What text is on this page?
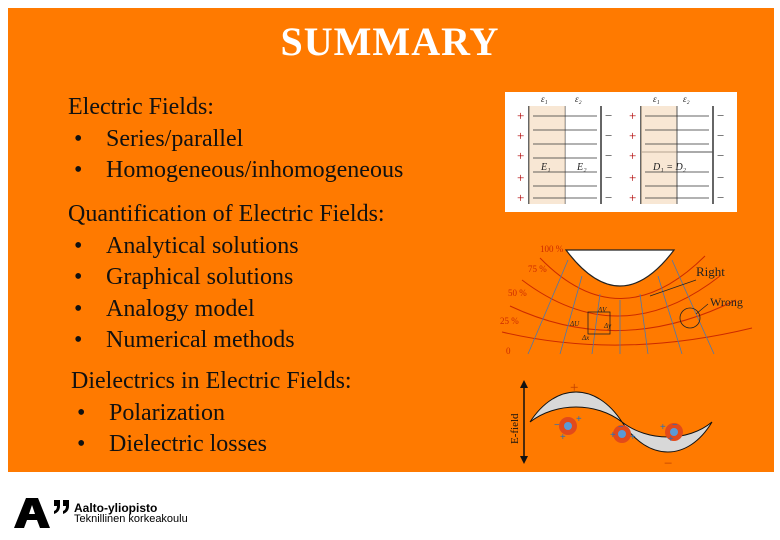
SUMMARY
Electric Fields:
• Series/parallel
• Homogeneous/inhomogeneous
Quantification of Electric Fields:
• Analytical solutions
• Graphical solutions
• Analogy model
• Numerical methods
Dielectrics in Electric Fields:
• Polarization
• Dielectric losses
+
+
+
+
+
+
+
+
+
+
−
−
−
−
−
−
−
−
−
−
ε₁	ε₂	ε₁	ε₂
E₁	E₂	D₁ = D₂
100 %
75 %
50 %
25 %
0
Right
Wrong
ΔV
ΔU	Δy
Δx
E-field
+
−
+
+
−
+ +
−	+
+
−
Aalto-yliopisto
Teknillinen korkeakoulu
